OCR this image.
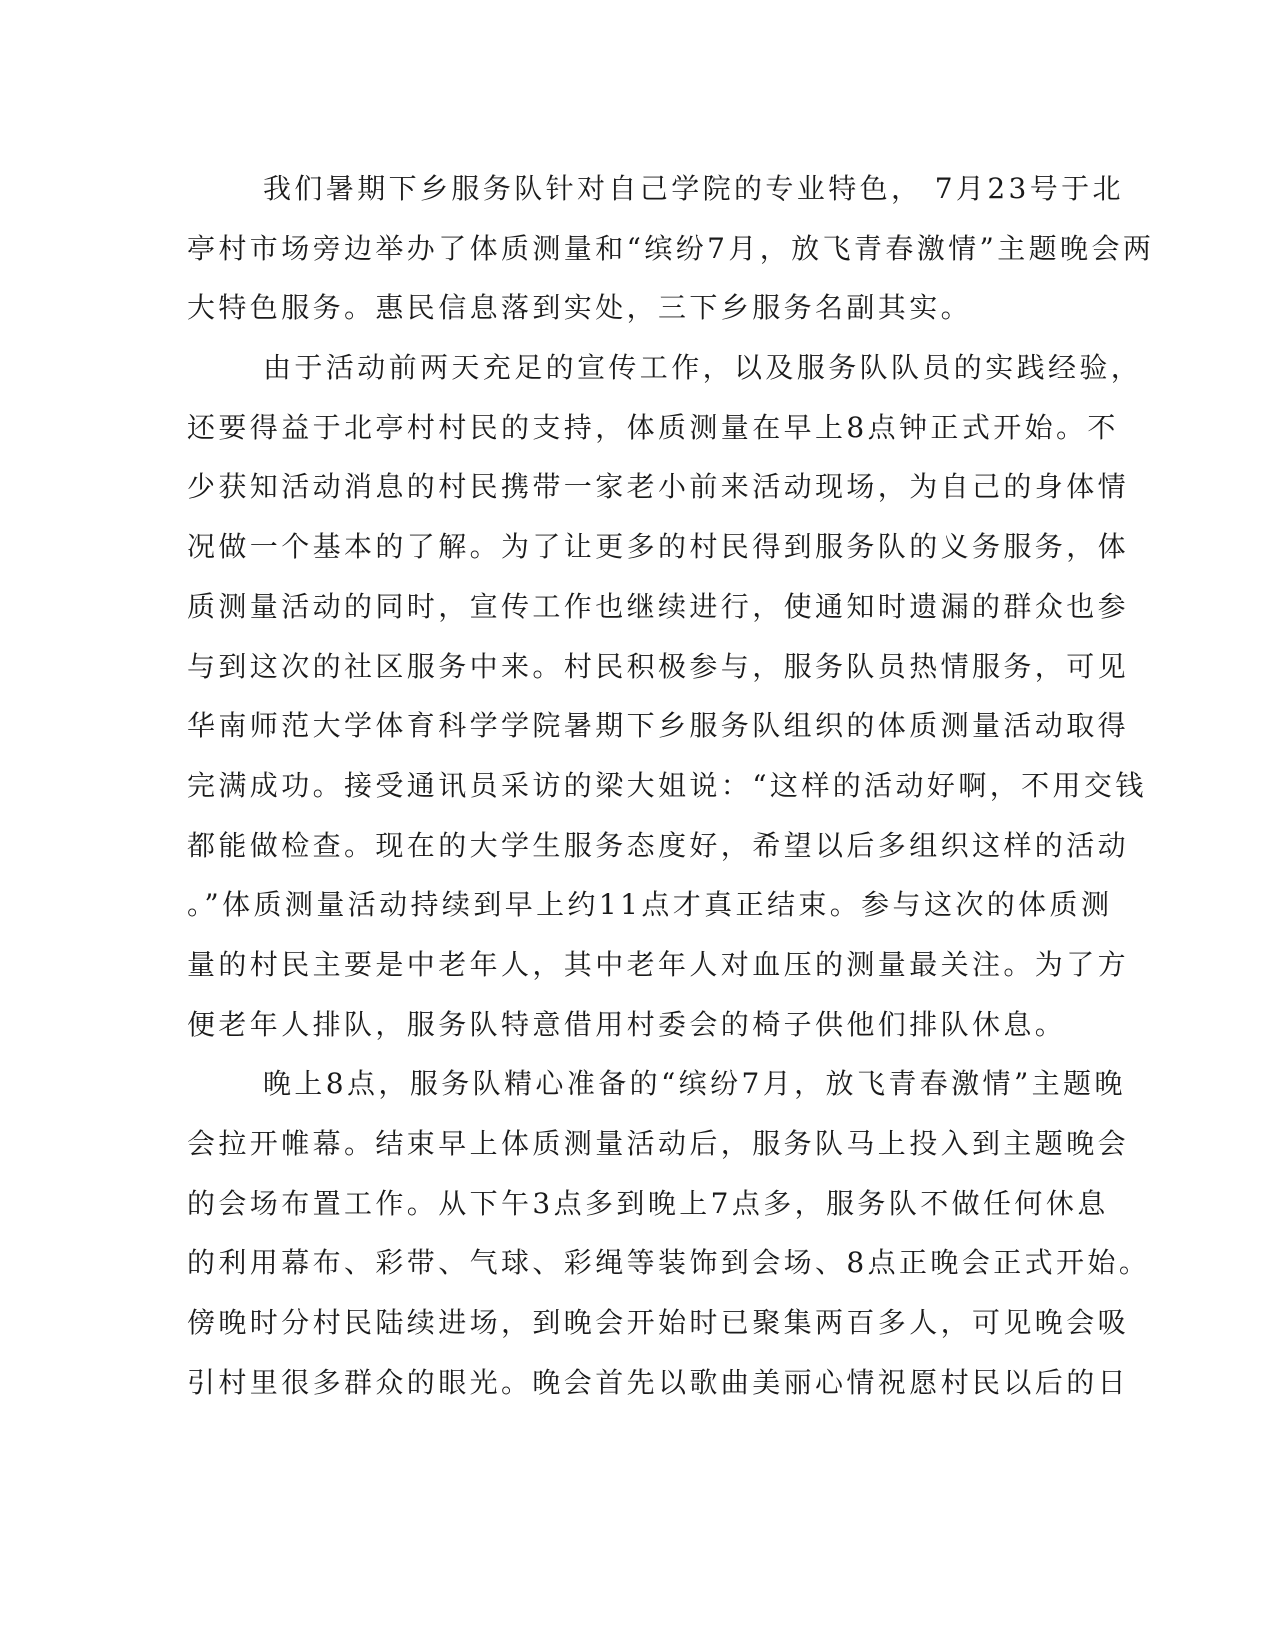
我们暑期下乡服务队针对自己学院的专业特色， 7月23号于北
亭村市场旁边举办了体质测量和“缤纷7月，放飞青春激情”主题晚会两
大特色服务。惠民信息落到实处，三下乡服务名副其实。
由于活动前两天充足的宣传工作，以及服务队队员的实践经验，
还要得益于北亭村村民的支持，体质测量在早上8点钟正式开始。不
少获知活动消息的村民携带一家老小前来活动现场，为自己的身体情
况做一个基本的了解。为了让更多的村民得到服务队的义务服务，体
质测量活动的同时，宣传工作也继续进行，使通知时遗漏的群众也参
与到这次的社区服务中来。村民积极参与，服务队员热情服务，可见
华南师范大学体育科学学院暑期下乡服务队组织的体质测量活动取得
完满成功。接受通讯员采访的梁大姐说：“这样的活动好啊，不用交钱
都能做检查。现在的大学生服务态度好，希望以后多组织这样的活动
。”体质测量活动持续到早上约11点才真正结束。参与这次的体质测
量的村民主要是中老年人，其中老年人对血压的测量最关注。为了方
便老年人排队，服务队特意借用村委会的椅子供他们排队休息。
晚上8点，服务队精心准备的“缤纷7月，放飞青春激情”主题晚
会拉开帷幕。结束早上体质测量活动后，服务队马上投入到主题晚会
的会场布置工作。从下午3点多到晚上7点多，服务队不做任何休息
的利用幕布、彩带、气球、彩绳等装饰到会场、8点正晚会正式开始。
傍晚时分村民陆续进场，到晚会开始时已聚集两百多人，可见晚会吸
引村里很多群众的眼光。晚会首先以歌曲美丽心情祝愿村民以后的日
